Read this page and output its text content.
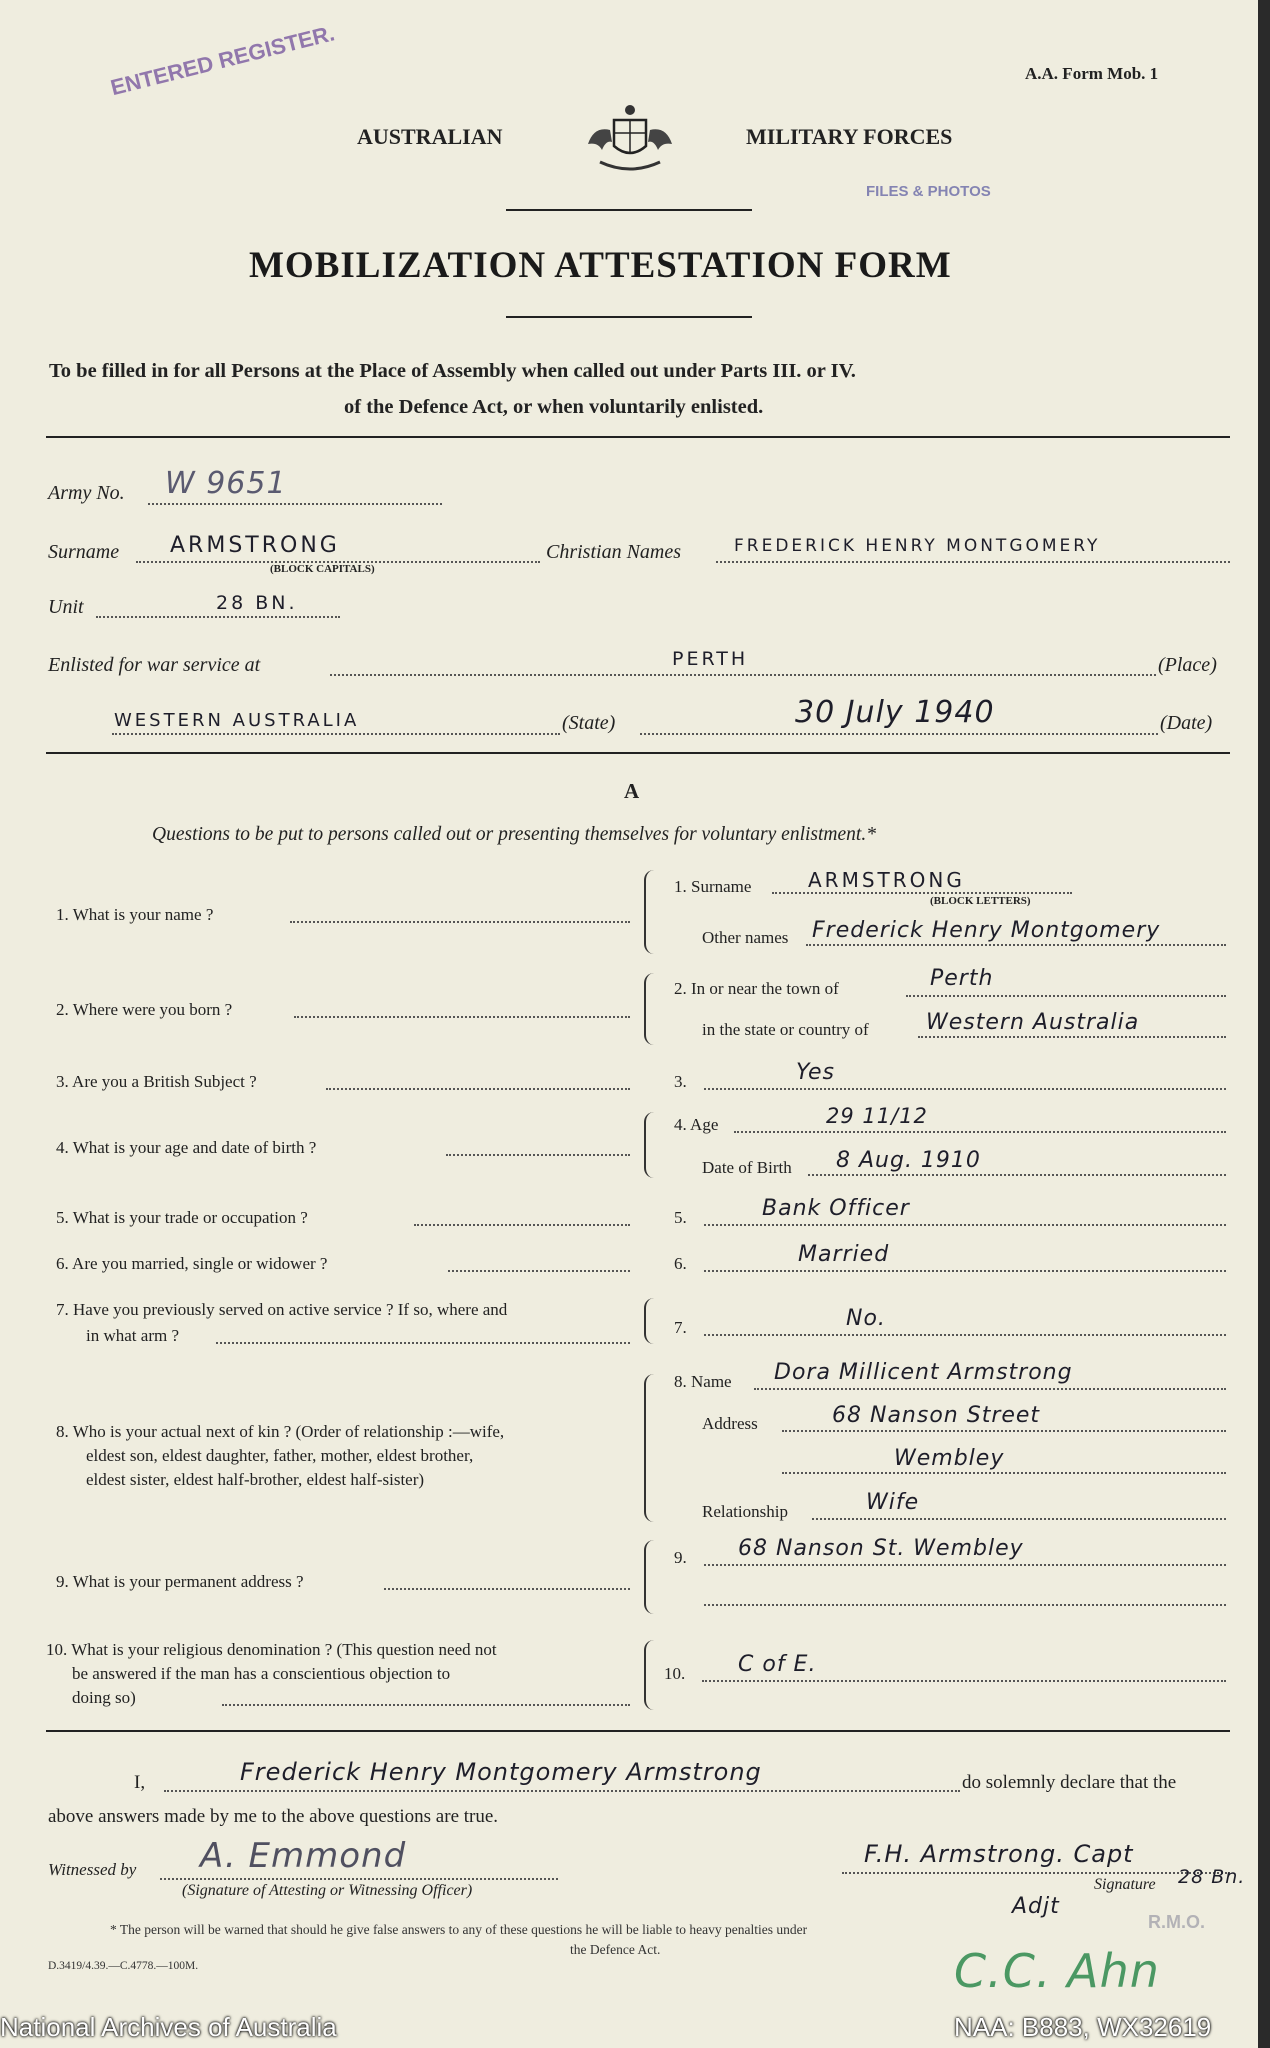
ENTERED REGISTER.
FILES & PHOTOS
A.A. Form Mob. 1
AUSTRALIAN	MILITARY FORCES
MOBILIZATION ATTESTATION FORM
To be filled in for all Persons at the Place of Assembly when called out under Parts III. or IV.
of the Defence Act, or when voluntarily enlisted.
Army No. W 9651
Surname ARMSTRONG
(BLOCK CAPITALS)
Christian Names	FREDERICK HENRY MONTGOMERY
Unit	28 BN.
Enlisted for war service at	PERTH	(Place)
WESTERN AUSTRALIA	(State)	30 July 1940	(Date)
A
Questions to be put to persons called out or presenting themselves for voluntary enlistment.*
1. What is your name ?
1. Surname	ARMSTRONG
(BLOCK LETTERS)
Other names Frederick Henry Montgomery
2. Where were you born ?
2. In or near the town of	Perth
in the state or country of	Western Australia
3. Are you a British Subject ?	3.	Yes
4. What is your age and date of birth ?
4. Age	29 11/12
Date of Birth 8 Aug. 1910
5. What is your trade or occupation ?	5.	Bank Officer
6. Are you married, single or widower ?	6.	Married
7. Have you previously served on active service ? If so, where and
in what arm ?	7.	No.
8. Who is your actual next of kin ? (Order of relationship :—wife,
eldest son, eldest daughter, father, mother, eldest brother,
eldest sister, eldest half-brother, eldest half-sister)
8. Name Dora Millicent Armstrong
Address	68 Nanson Street
Wembley
Relationship	Wife
9. What is your permanent address ?
9. 68 Nanson St. Wembley
10. What is your religious denomination ? (This question need not
be answered if the man has a conscientious objection to
doing so)
10. C of E.
I,	Frederick Henry Montgomery Armstrong	do solemnly declare that the
above answers made by me to the above questions are true.
Witnessed by A. Emmond
(Signature of Attesting or Witnessing Officer)
F.H. Armstrong. Capt
Signature
Adjt
28 Bn.
* The person will be warned that should he give false answers to any of these questions he will be liable to heavy penalties under
the Defence Act.
D.3419/4.39.—C.4778.—100M.
R.M.O.
C.C. Ahn
National Archives of Australia	NAA: B883, WX32619
